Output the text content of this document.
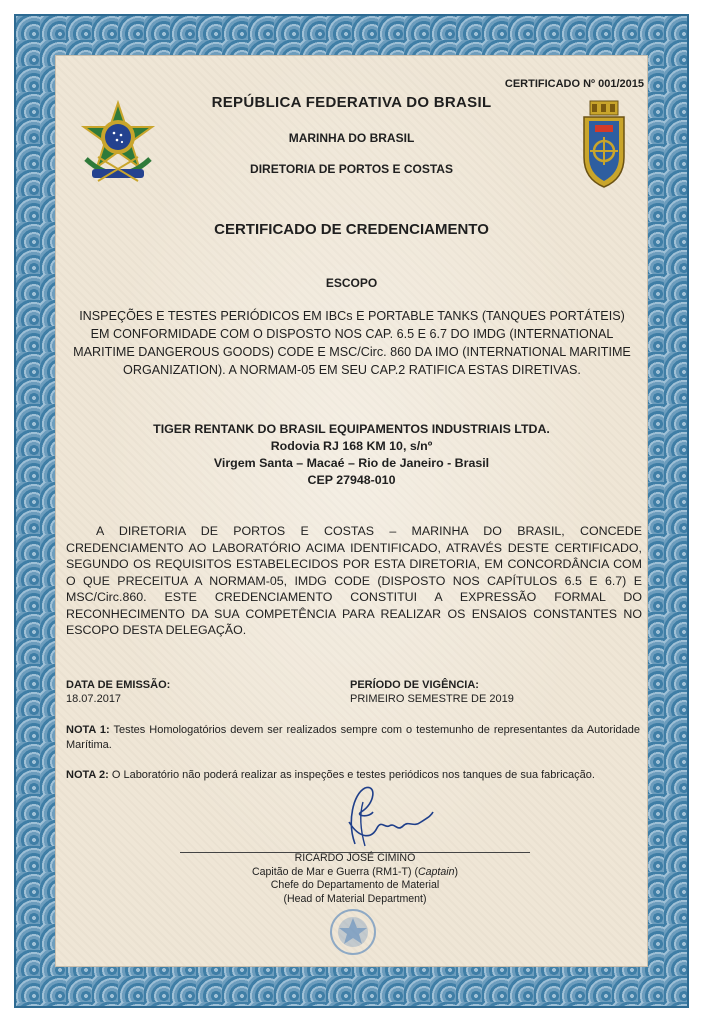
CERTIFICADO Nº 001/2015
REPÚBLICA FEDERATIVA DO BRASIL
MARINHA DO BRASIL
DIRETORIA DE PORTOS E COSTAS
CERTIFICADO DE CREDENCIAMENTO
ESCOPO
INSPEÇÕES E TESTES PERIÓDICOS EM IBCs E PORTABLE TANKS (TANQUES PORTÁTEIS) EM CONFORMIDADE COM O DISPOSTO NOS CAP. 6.5 E 6.7 DO IMDG (INTERNATIONAL MARITIME DANGEROUS GOODS) CODE E MSC/Circ. 860 DA IMO (INTERNATIONAL MARITIME ORGANIZATION). A NORMAM-05 EM SEU CAP.2 RATIFICA ESTAS DIRETIVAS.
TIGER RENTANK DO BRASIL EQUIPAMENTOS INDUSTRIAIS LTDA.
Rodovia RJ 168 KM 10, s/nº
Virgem Santa – Macaé – Rio de Janeiro - Brasil
CEP 27948-010
A DIRETORIA DE PORTOS E COSTAS – MARINHA DO BRASIL, CONCEDE CREDENCIAMENTO AO LABORATÓRIO ACIMA IDENTIFICADO, ATRAVÉS DESTE CERTIFICADO, SEGUNDO OS REQUISITOS ESTABELECIDOS POR ESTA DIRETORIA, EM CONCORDÂNCIA COM O QUE PRECEITUA A NORMAM-05, IMDG CODE (DISPOSTO NOS CAPÍTULOS 6.5 E 6.7) E MSC/Circ.860. ESTE CREDENCIAMENTO CONSTITUI A EXPRESSÃO FORMAL DO RECONHECIMENTO DA SUA COMPETÊNCIA PARA REALIZAR OS ENSAIOS CONSTANTES NO ESCOPO DESTA DELEGAÇÃO.
DATA DE EMISSÃO:
18.07.2017
PERÍODO DE VIGÊNCIA:
PRIMEIRO SEMESTRE DE 2019
NOTA 1: Testes Homologatórios devem ser realizados sempre com o testemunho de representantes da Autoridade Marítima.
NOTA 2: O Laboratório não poderá realizar as inspeções e testes periódicos nos tanques de sua fabricação.
RICARDO JOSÉ CIMINO
Capitão de Mar e Guerra (RM1-T) (Captain)
Chefe do Departamento de Material
(Head of Material Department)
